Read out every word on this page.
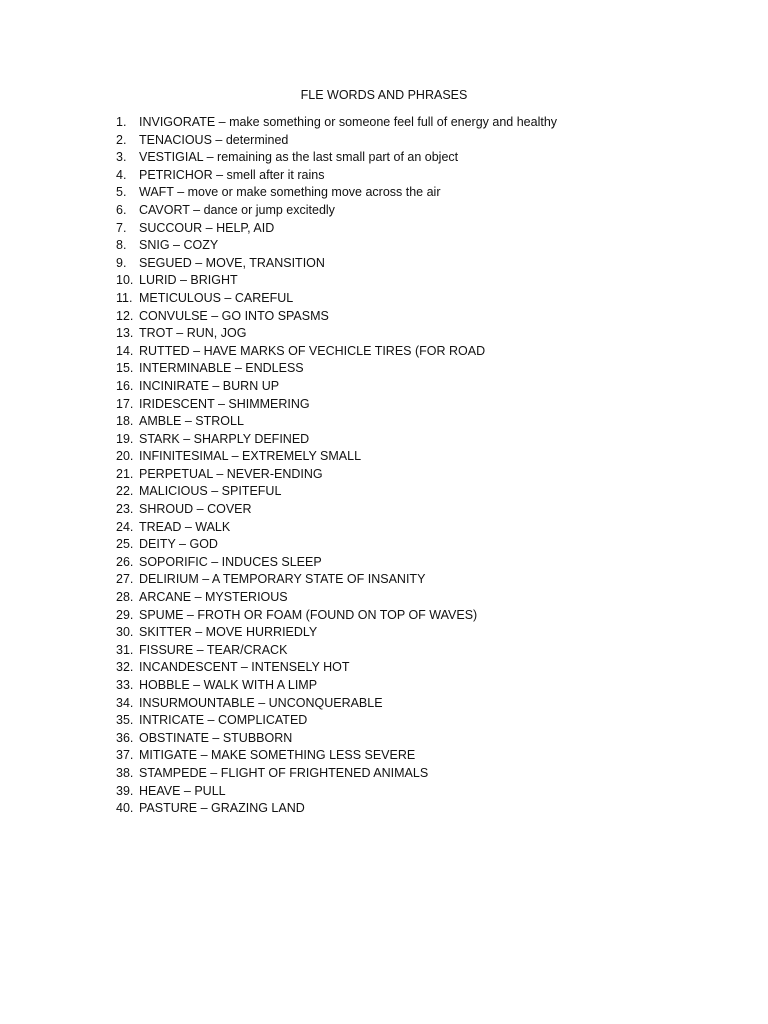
FLE WORDS AND PHRASES
1.	INVIGORATE – make something or someone feel full of energy and healthy
2.	TENACIOUS – determined
3.	VESTIGIAL – remaining as the last small part of an object
4.	PETRICHOR – smell after it rains
5.	WAFT – move or make something move across the air
6.	CAVORT – dance or jump excitedly
7.	SUCCOUR – HELP, AID
8.	SNIG – COZY
9.	SEGUED – MOVE, TRANSITION
10. LURID – BRIGHT
11. METICULOUS – CAREFUL
12. CONVULSE – GO INTO SPASMS
13. TROT – RUN, JOG
14. RUTTED – HAVE MARKS OF VECHICLE TIRES (FOR ROAD
15. INTERMINABLE – ENDLESS
16. INCINIRATE – BURN UP
17. IRIDESCENT – SHIMMERING
18. AMBLE – STROLL
19. STARK – SHARPLY DEFINED
20. INFINITESIMAL – EXTREMELY SMALL
21. PERPETUAL – NEVER-ENDING
22. MALICIOUS – SPITEFUL
23. SHROUD – COVER
24. TREAD – WALK
25. DEITY – GOD
26. SOPORIFIC – INDUCES SLEEP
27. DELIRIUM – A TEMPORARY STATE OF INSANITY
28. ARCANE – MYSTERIOUS
29. SPUME – FROTH OR FOAM (FOUND ON TOP OF WAVES)
30. SKITTER – MOVE HURRIEDLY
31. FISSURE – TEAR/CRACK
32. INCANDESCENT – INTENSELY HOT
33. HOBBLE – WALK WITH A LIMP
34. INSURMOUNTABLE – UNCONQUERABLE
35. INTRICATE – COMPLICATED
36. OBSTINATE – STUBBORN
37. MITIGATE – MAKE SOMETHING LESS SEVERE
38. STAMPEDE – FLIGHT OF FRIGHTENED ANIMALS
39. HEAVE – PULL
40. PASTURE – GRAZING LAND
